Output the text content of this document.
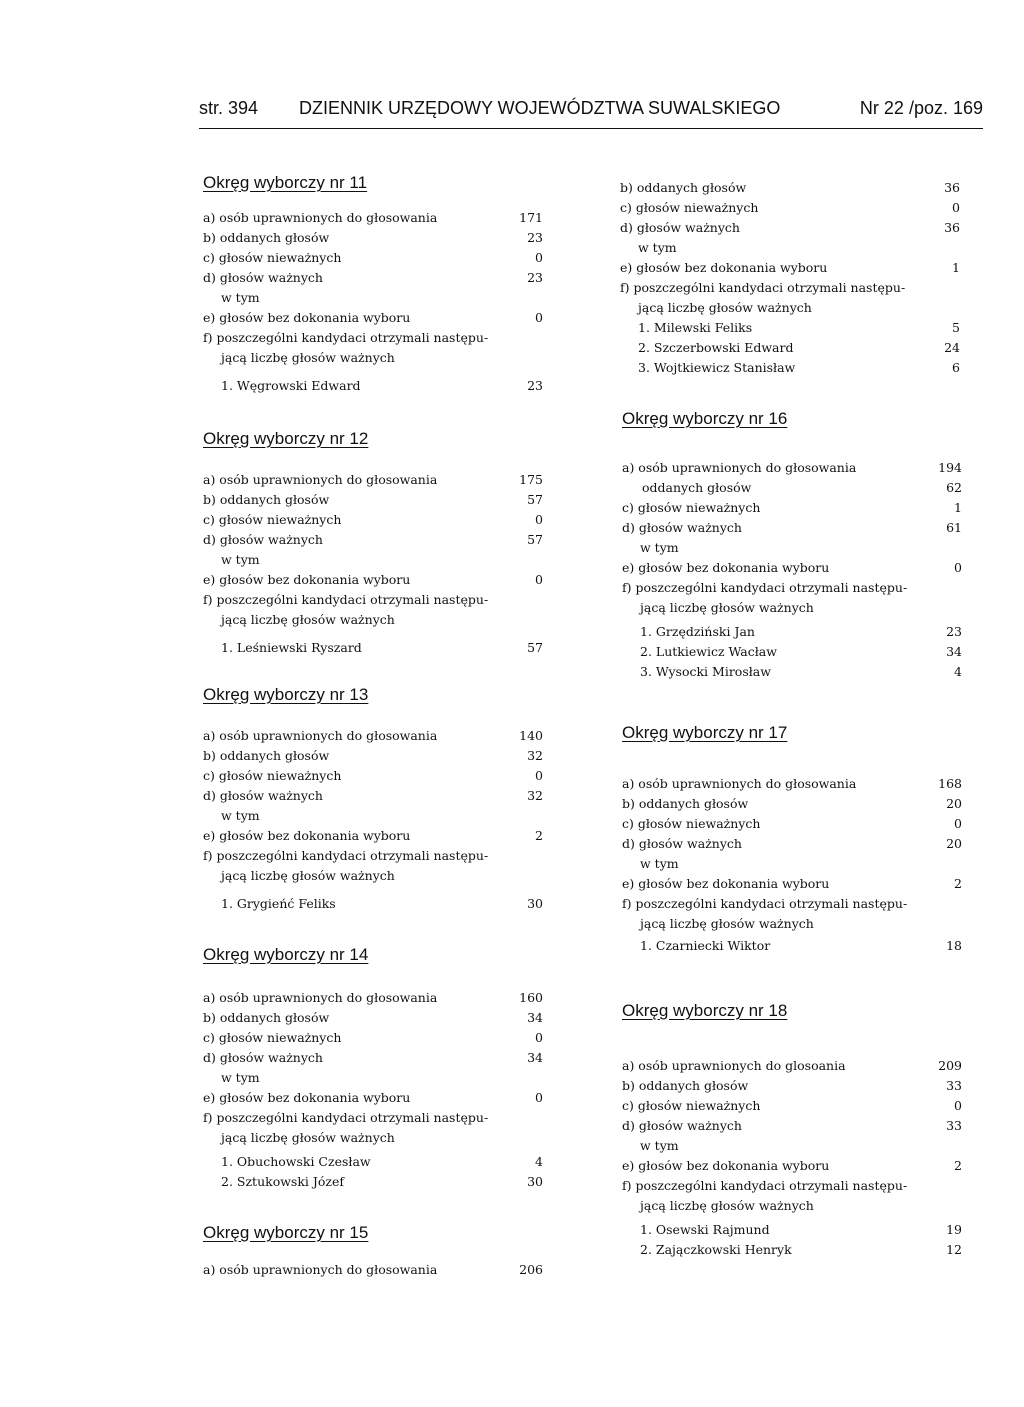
str. 394 DZIENNIK URZĘDOWY WOJEWÓDZTWA SUWALSKIEGO	Nr 22 /poz. 169
Okręg wyborczy nr 11
a) osób uprawnionych do głosowania	171
b) oddanych głosów	23
c) głosów nieważnych	0
d) głosów ważnych	23
w tym
e) głosów bez dokonania wyboru	0
f) poszczególni kandydaci otrzymali następu-
jącą liczbę głosów ważnych
1. Węgrowski Edward	23
Okręg wyborczy nr 12
a) osób uprawnionych do głosowania	175
b) oddanych głosów	57
c) głosów nieważnych	0
d) głosów ważnych	57
w tym
e) głosów bez dokonania wyboru	0
f) poszczególni kandydaci otrzymali następu-
jącą liczbę głosów ważnych
1. Leśniewski Ryszard	57
Okręg wyborczy nr 13
a) osób uprawnionych do głosowania	140
b) oddanych głosów	32
c) głosów nieważnych	0
d) głosów ważnych	32
w tym
e) głosów bez dokonania wyboru	2
f) poszczególni kandydaci otrzymali następu-
jącą liczbę głosów ważnych
1. Grygieńć Feliks	30
Okręg wyborczy nr 14
a) osób uprawnionych do głosowania	160
b) oddanych głosów	34
c) głosów nieważnych	0
d) głosów ważnych	34
w tym
e) głosów bez dokonania wyboru	0
f) poszczególni kandydaci otrzymali następu-
jącą liczbę głosów ważnych
1. Obuchowski Czesław	4
2. Sztukowski Józef	30
Okręg wyborczy nr 15
a) osób uprawnionych do głosowania	206
b) oddanych głosów	36
c) głosów nieważnych	0
d) głosów ważnych	36
w tym
e) głosów bez dokonania wyboru	1
f) poszczególni kandydaci otrzymali następu-
jącą liczbę głosów ważnych
1. Milewski Feliks	5
2. Szczerbowski Edward	24
3. Wojtkiewicz Stanisław	6
Okręg wyborczy nr 16
a) osób uprawnionych do głosowania	194
oddanych głosów	62
c) głosów nieważnych	1
d) głosów ważnych	61
w tym
e) głosów bez dokonania wyboru	0
f) poszczególni kandydaci otrzymali następu-
jącą liczbę głosów ważnych
1. Grzędziński Jan	23
2. Lutkiewicz Wacław	34
3. Wysocki Mirosław	4
Okręg wyborczy nr 17
a) osób uprawnionych do głosowania	168
b) oddanych głosów	20
c) głosów nieważnych	0
d) głosów ważnych	20
w tym
e) głosów bez dokonania wyboru	2
f) poszczególni kandydaci otrzymali następu-
jącą liczbę głosów ważnych
1. Czarniecki Wiktor	18
Okręg wyborczy nr 18
a) osób uprawnionych do glosoania	209
b) oddanych głosów	33
c) głosów nieważnych	0
d) głosów ważnych	33
w tym
e) głosów bez dokonania wyboru	2
f) poszczególni kandydaci otrzymali następu-
jącą liczbę głosów ważnych
1. Osewski Rajmund	19
2. Zajączkowski Henryk	12
